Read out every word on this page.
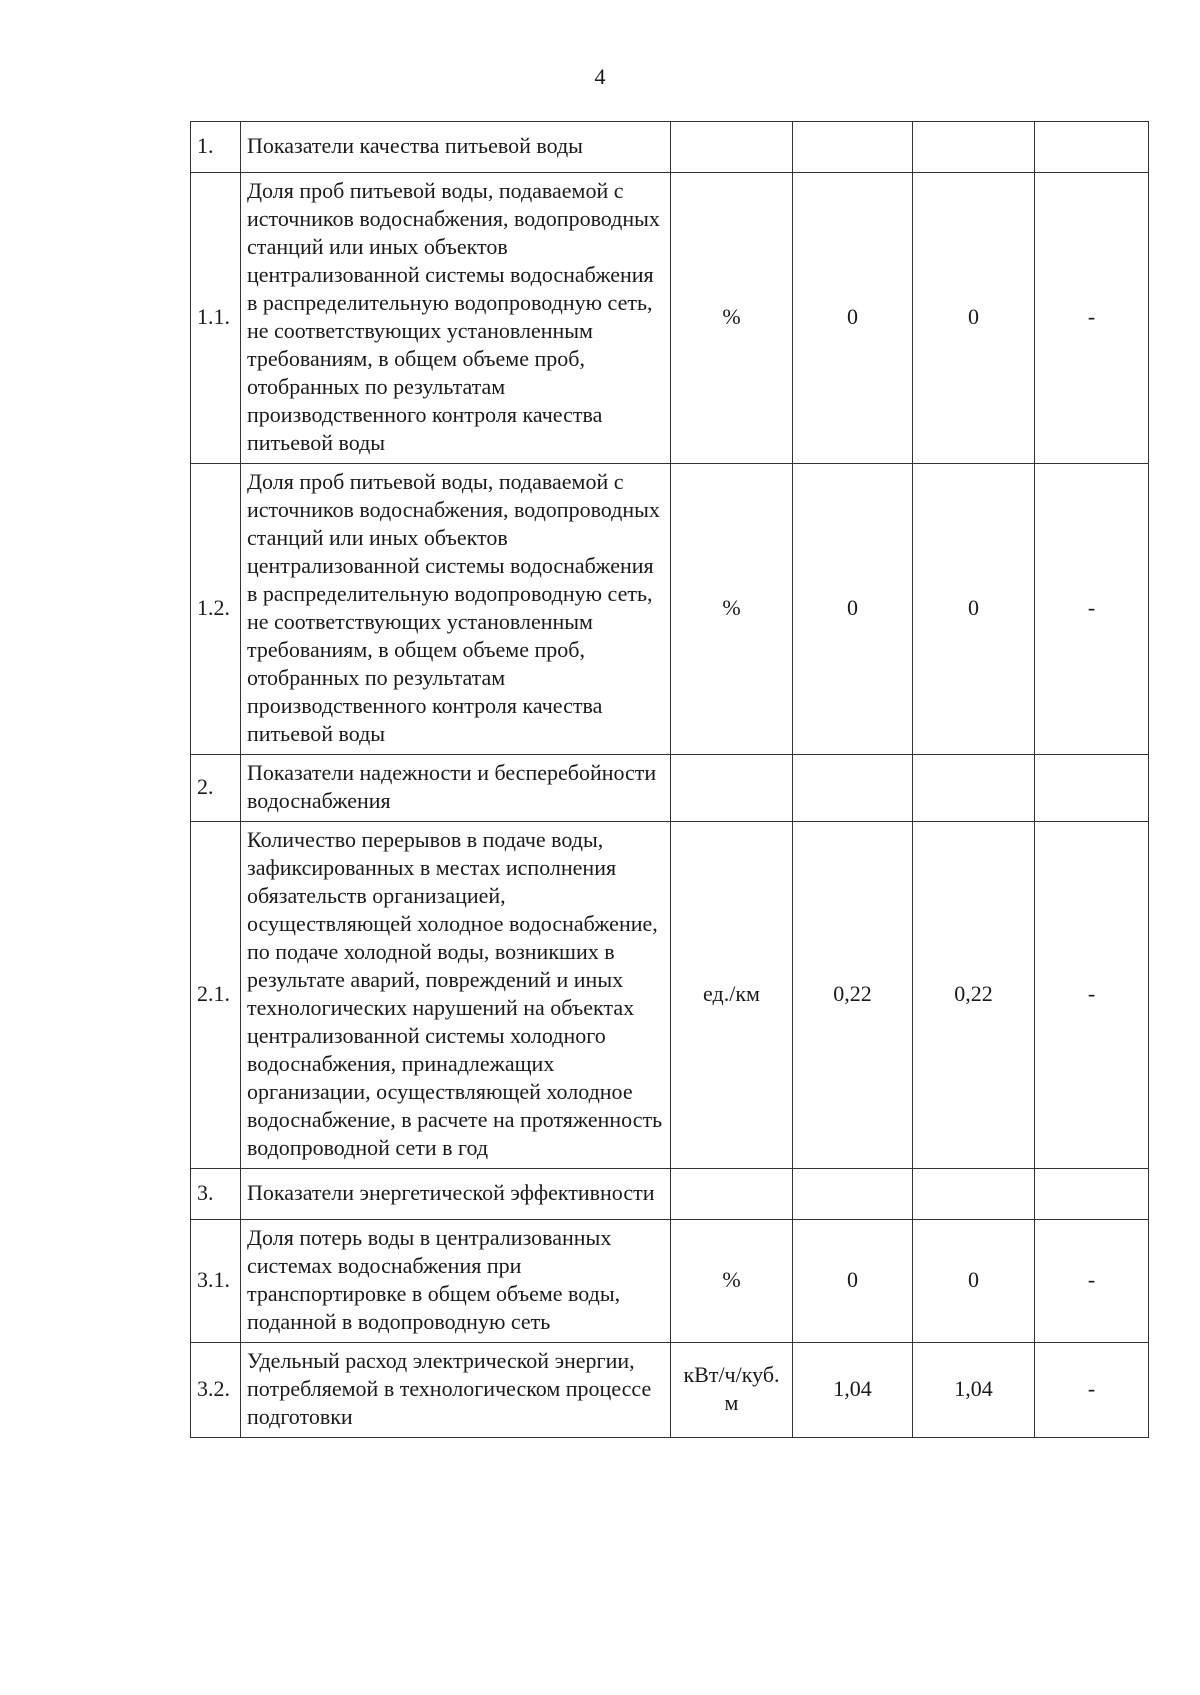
4
1.	Показатели качества питьевой воды				
1.1.	Доля проб питьевой воды, подаваемой с источников водоснабжения, водопроводных станций или иных объектов централизованной системы водоснабжения в распределительную водопроводную сеть, не соответствующих установленным требованиям, в общем объеме проб, отобранных по результатам производственного контроля качества питьевой воды	%	0	0	-
1.2.	Доля проб питьевой воды, подаваемой с источников водоснабжения, водопроводных станций или иных объектов централизованной системы водоснабжения в распределительную водопроводную сеть, не соответствующих установленным требованиям, в общем объеме проб, отобранных по результатам производственного контроля качества питьевой воды	%	0	0	-
2.	Показатели надежности и бесперебойности водоснабжения				
2.1.	Количество перерывов в подаче воды, зафиксированных в местах исполнения обязательств организацией, осуществляющей холодное водоснабжение, по подаче холодной воды, возникших в результате аварий, повреждений и иных технологических нарушений на объектах централизованной системы холодного водоснабжения, принадлежащих организации, осуществляющей холодное водоснабжение, в расчете на протяженность водопроводной сети в год	ед./км	0,22	0,22	-
3.	Показатели энергетической эффективности				
3.1.	Доля потерь воды в централизованных системах водоснабжения при транспортировке в общем объеме воды, поданной в водопроводную сеть	%	0	0	-
3.2.	Удельный расход электрической энергии, потребляемой в технологическом процессе подготовки	кВт/ч/куб. м	1,04	1,04	-
